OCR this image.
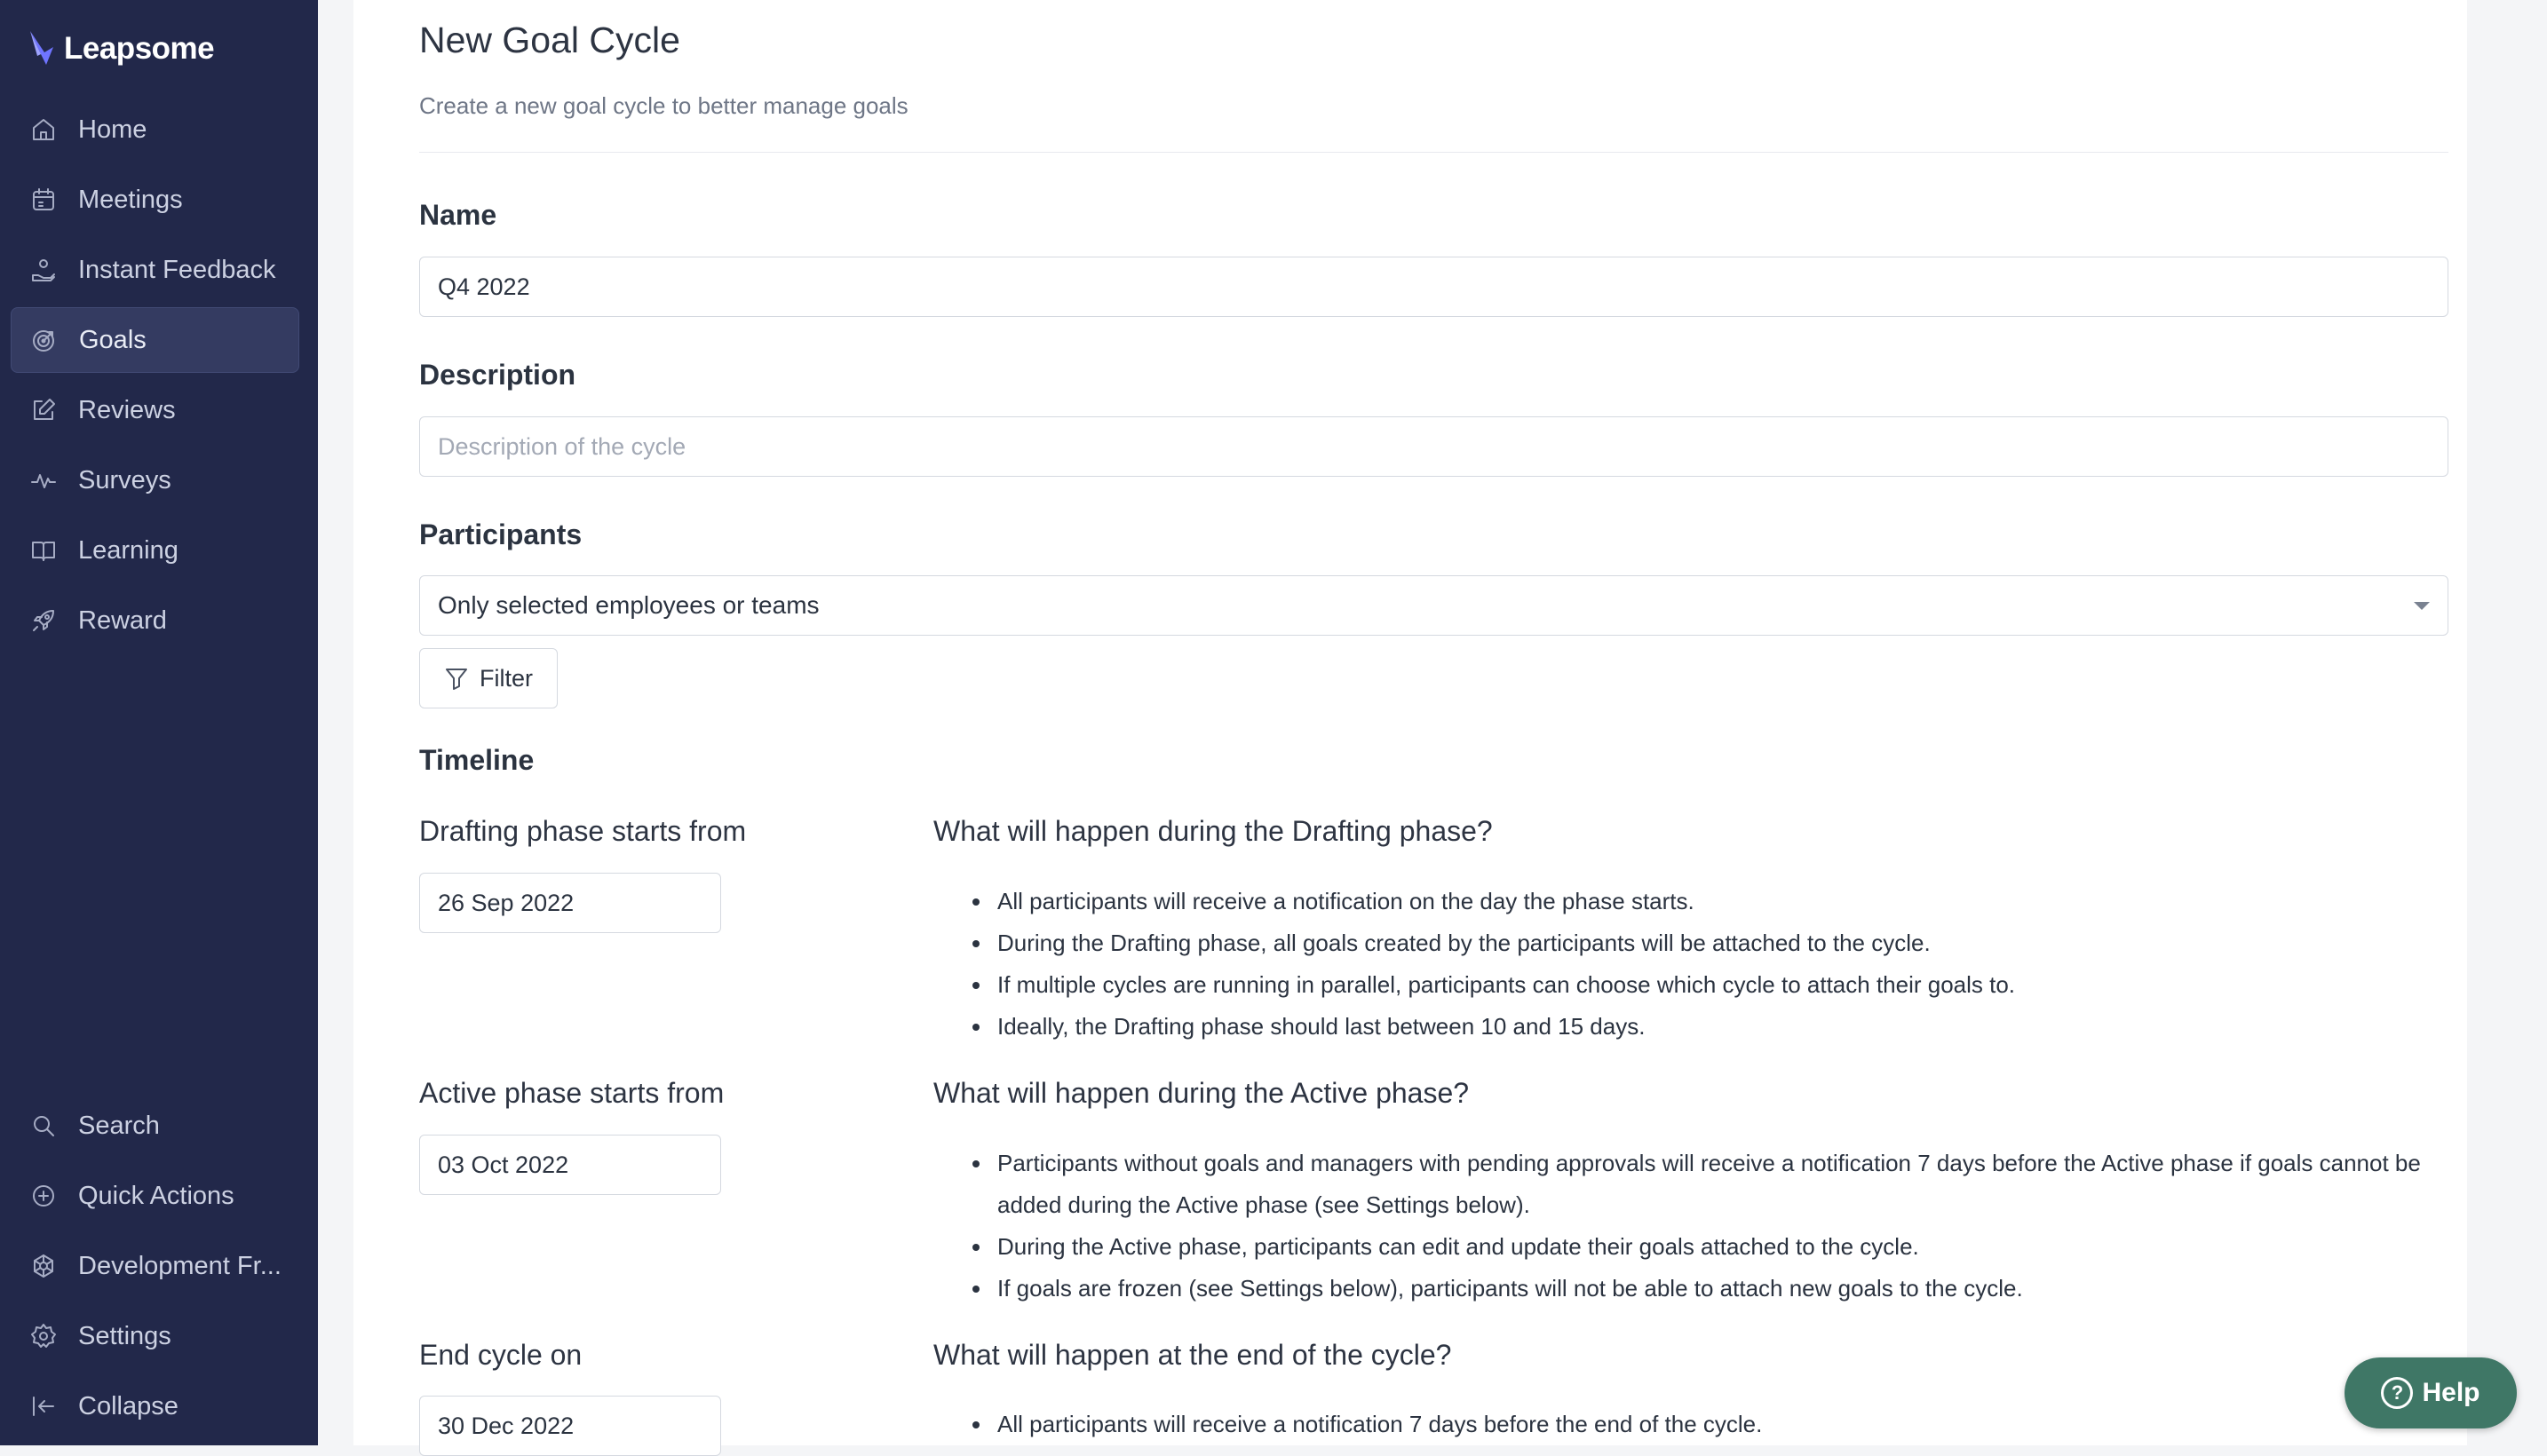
Leapsome
Home
Meetings
Instant Feedback
Goals
Reviews
Surveys
Learning
Reward
Search
Quick Actions
Development Fr...
Settings
Collapse
New Goal Cycle
Create a new goal cycle to better manage goals
Name
Q4 2022
Description
Description of the cycle
Participants
Only selected employees or teams
Filter
Timeline
Drafting phase starts from
26 Sep 2022	What will happen during the Drafting phase?
All participants will receive a notification on the day the phase starts.
During the Drafting phase, all goals created by the participants will be attached to the cycle.
If multiple cycles are running in parallel, participants can choose which cycle to attach their goals to.
Ideally, the Drafting phase should last between 10 and 15 days.
Active phase starts from
03 Oct 2022	What will happen during the Active phase?
Participants without goals and managers with pending approvals will receive a notification 7 days before the Active phase if goals cannot be added during the Active phase (see Settings below).
During the Active phase, participants can edit and update their goals attached to the cycle.
If goals are frozen (see Settings below), participants will not be able to attach new goals to the cycle.
End cycle on
30 Dec 2022	What will happen at the end of the cycle?
All participants will receive a notification 7 days before the end of the cycle.
? Help
